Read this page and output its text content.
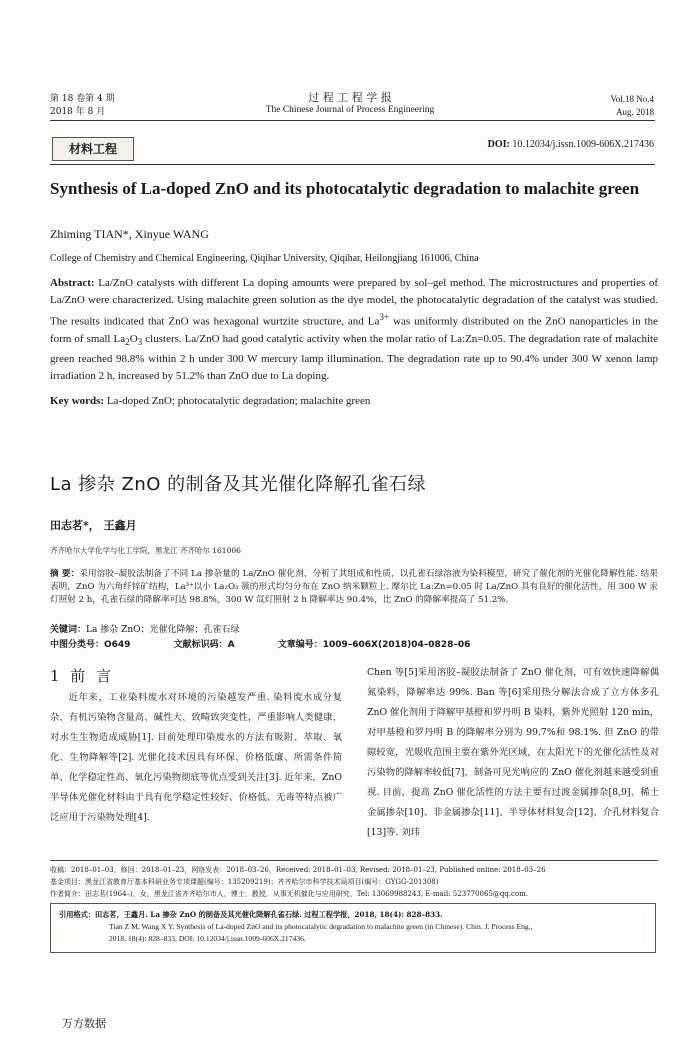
第 18 卷第 4 期
2018 年 8 月
过 程 工 程 学 报
The Chinese Journal of Process Engineering
Vol.18 No.4
Aug. 2018
材料工程	DOI: 10.12034/j.issn.1009-606X.217436
Synthesis of La-doped ZnO and its photocatalytic degradation to malachite green
Zhiming TIAN*, Xinyue WANG
College of Chemistry and Chemical Engineering, Qiqihar University, Qiqihar, Heilongjiang 161006, China
Abstract: La/ZnO catalysts with different La doping amounts were prepared by sol–gel method. The microstructures and properties of La/ZnO were characterized. Using malachite green solution as the dye model, the photocatalytic degradation of the catalyst was studied. The results indicated that ZnO was hexagonal wurtzite structure, and $La^{3+}$ was uniformly distributed on the ZnO nanoparticles in the form of small $La_2O_3$ clusters. La/ZnO had good catalytic activity when the molar ratio of La:Zn=0.05. The degradation rate of malachite green reached 98.8% within 2 h under 300 W mercury lamp illumination. The degradation rate up to 90.4% under 300 W xenon lamp irradiation 2 h, increased by 51.2% than ZnO due to La doping.
Key words: La-doped ZnO; photocatalytic degradation; malachite green
La 掺杂 ZnO 的制备及其光催化降解孔雀石绿
田志茗*， 王鑫月
齐齐哈尔大学化学与化工学院，黑龙江 齐齐哈尔 161006
摘 要：采用溶胶–凝胶法制备了不同 La 掺杂量的 La/ZnO 催化剂，分析了其组成和性质，以孔雀石绿溶液为染料模型，研究了催化剂的光催化降解性能. 结果表明，ZnO 为六角纤锌矿结构，La³⁺以小 La₂O₃ 簇的形式均匀分布在 ZnO 纳米颗粒上. 摩尔比 La:Zn=0.05 时 La/ZnO 具有良好的催化活性，用 300 W 汞灯照射 2 h，孔雀石绿的降解率可达 98.8%，300 W 氙灯照射 2 h 降解率达 90.4%，比 ZnO 的降解率提高了 51.2%.
关键词：La 掺杂 ZnO；光催化降解；孔雀石绿
中图分类号：O649	文献标识码：A	文章编号：1009–606X(2018)04–0828–06
1 前 言

近年来，工业染料废水对环境的污染越发严重. 染料废水成分复杂、有机污染物含量高、碱性大、致畸致突变性，严重影响人类健康，对水生生物造成威胁[1]. 目前处理印染废水的方法有吸附、萃取、氧化、生物降解等[2]. 光催化技术因具有环保、价格低廉、所需条件简单、化学稳定性高、氧化污染物彻底等优点受到关注[3]. 近年来，ZnO 半导体光催化材料由于具有化学稳定性较好、价格低、无毒等特点被广泛应用于污染物处理[4].

Chen 等[5]采用溶胶–凝胶法制备了 ZnO 催化剂，可有效快速降解偶氮染料，降解率达 99%. Ban 等[6]采用热分解法合成了立方体多孔 ZnO 催化剂用于降解甲基橙和罗丹明 B 染料，紫外光照射 120 min，对甲基橙和罗丹明 B 的降解率分别为 99.7%和 98.1%. 但 ZnO 的带隙较宽，光吸收范围主要在紫外光区域，在太阳光下的光催化活性及对污染物的降解率较低[7]，制备可见光响应的 ZnO 催化剂越来越受到重视. 目前，提高 ZnO 催化活性的方法主要有过渡金属掺杂[8,9]、稀土金属掺杂[10]、非金属掺杂[11]、半导体材料复合[12]、介孔材料复合[13]等. 刘玮

收稿：2018–01–03，修回：2018–01–23，网络发表：2018–03–26，Received: 2018–01–03, Revised: 2018–01–23, Published online: 2018–03–26
基金项目：黑龙江省教育厅基本科研业务专项课题(编号：135209219)；齐齐哈尔市科学技术局项目(编号：GYGG-201308)
作者简介：田志茗(1964–)，女，黑龙江省齐齐哈尔市人，博士，教授，从事无机催化与应用研究，Tel: 13069988243, E-mail: 523770065@qq.com.
引用格式：田志茗，王鑫月. La 掺杂 ZnO 的制备及其光催化降解孔雀石绿. 过程工程学报，2018, 18(4): 828–833.
Tian Z M, Wang X Y. Synthesis of La-doped ZnO and its photocatalytic degradation to malachite green (in Chinese). Chin. J. Process Eng.,
2018, 18(4): 828–833, DOI: 10.12034/j.issn.1009-606X.217436.
万方数据
